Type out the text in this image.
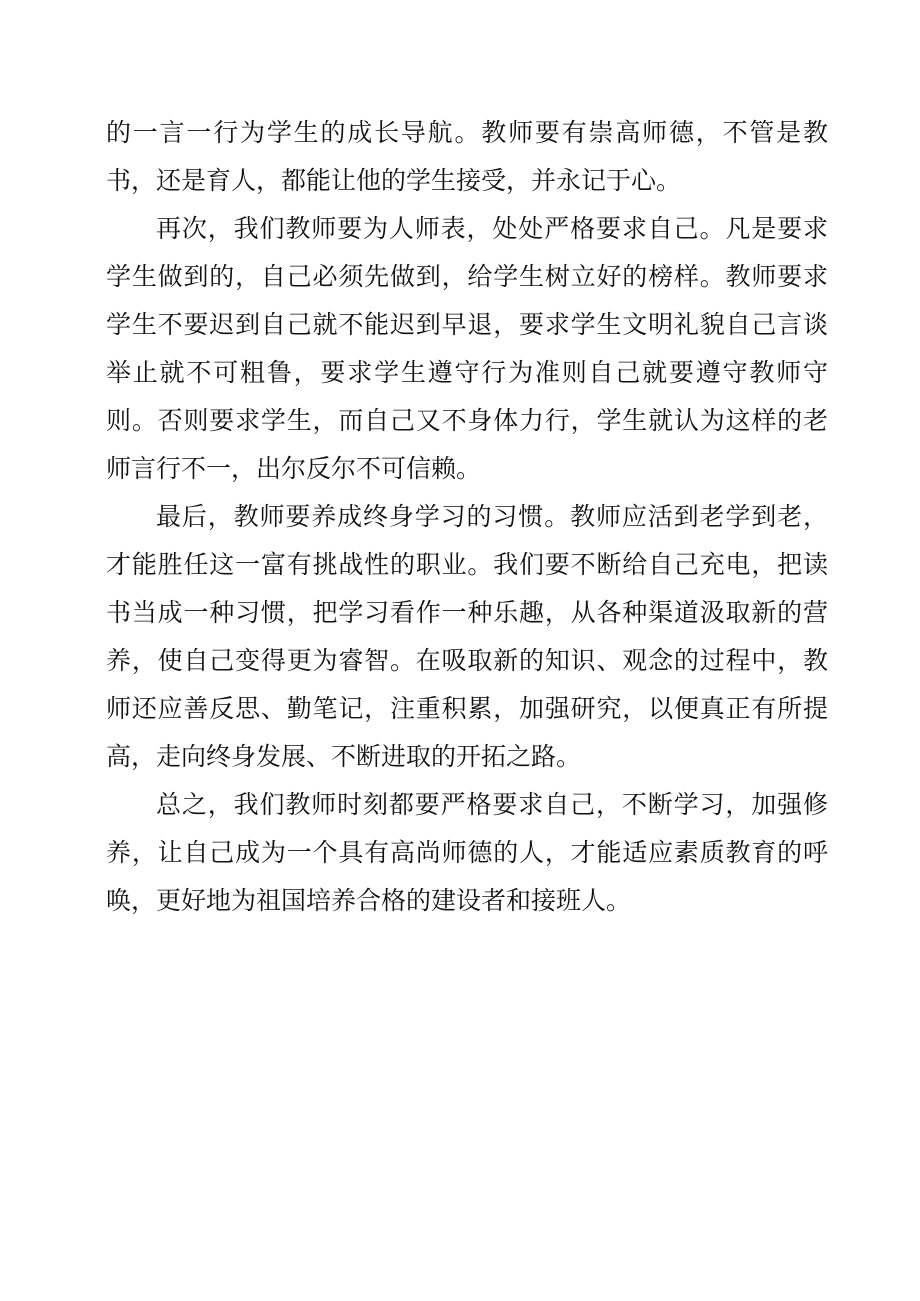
的一言一行为学生的成长导航。教师要有崇高师德，不管是教书，还是育人，都能让他的学生接受，并永记于心。

再次，我们教师要为人师表，处处严格要求自己。凡是要求学生做到的，自己必须先做到，给学生树立好的榜样。教师要求学生不要迟到自己就不能迟到早退，要求学生文明礼貌自己言谈举止就不可粗鲁，要求学生遵守行为准则自己就要遵守教师守则。否则要求学生，而自己又不身体力行，学生就认为这样的老师言行不一，出尔反尔不可信赖。

最后，教师要养成终身学习的习惯。教师应活到老学到老，才能胜任这一富有挑战性的职业。我们要不断给自己充电，把读书当成一种习惯，把学习看作一种乐趣，从各种渠道汲取新的营养，使自己变得更为睿智。在吸取新的知识、观念的过程中，教师还应善反思、勤笔记，注重积累，加强研究，以便真正有所提高，走向终身发展、不断进取的开拓之路。

总之，我们教师时刻都要严格要求自己，不断学习，加强修养，让自己成为一个具有高尚师德的人，才能适应素质教育的呼唤，更好地为祖国培养合格的建设者和接班人。
